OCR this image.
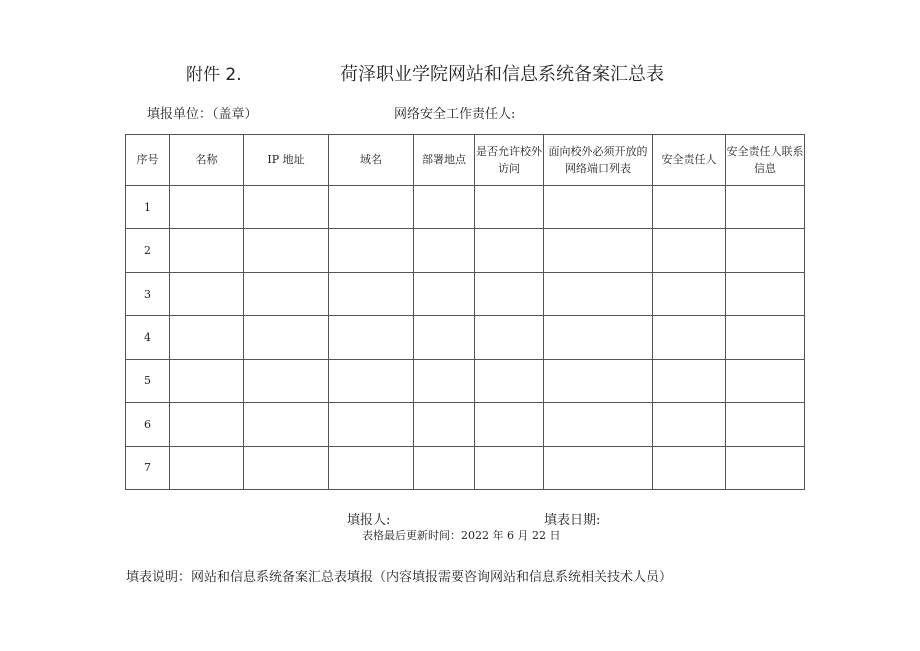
附件 2.	荷泽职业学院网站和信息系统备案汇总表
填报单位：（盖章）	网络安全工作责任人:
序号	名称	IP 地址	域名	部署地点	是否允许校外访问	面向校外必须开放的网络端口列表	安全责任人	安全责任人联系信息
1								
2								
3								
4								
5								
6								
7								
填报人:	填表日期:
表格最后更新时间：2022 年 6 月 22 日
填表说明：网站和信息系统备案汇总表填报（内容填报需要咨询网站和信息系统相关技术人员）
